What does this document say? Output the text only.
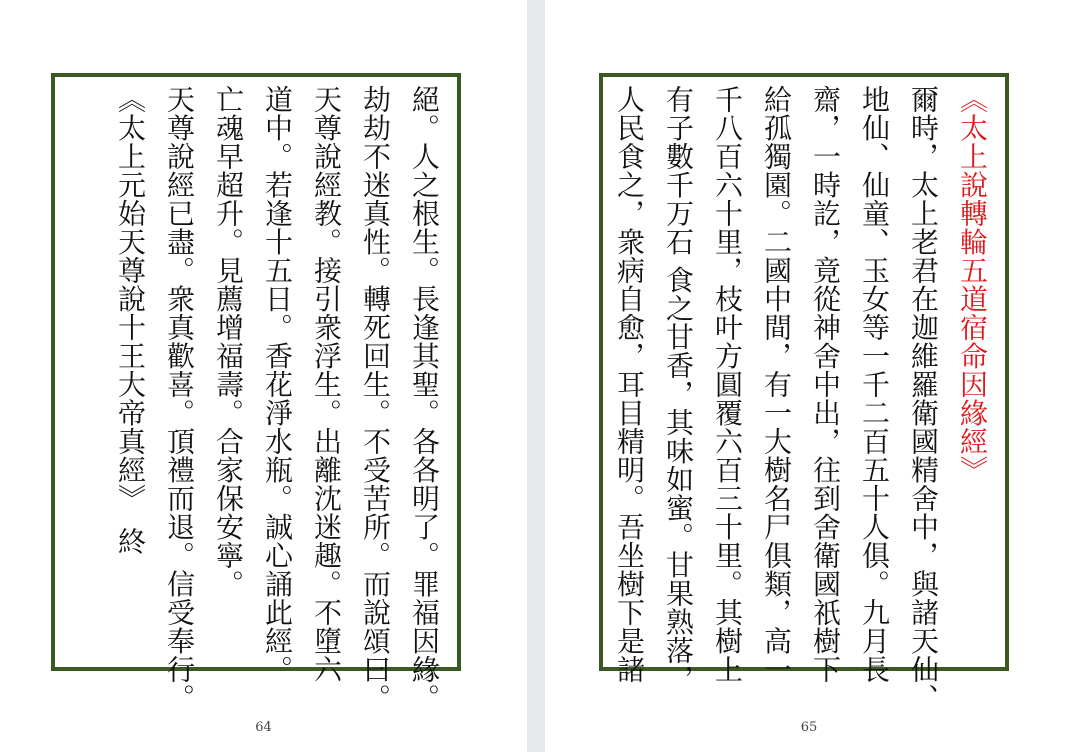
絕。人之根生。長逢其聖。各各明了。罪福因緣。
劫劫不迷真性。轉死回生。不受苦所。而說頌曰。
天尊說經教。接引衆浮生。出離沈迷趣。不墮六
道中。若逢十五日。香花淨水瓶。誠心誦此經。
亡魂早超升。見薦增福壽。合家保安寧。
天尊說經已盡。衆真歡喜。頂禮而退。信受奉行。
《太上元始天尊說十王大帝真經》　終
64
《太上說轉輪五道宿命因緣經》
爾時，太上老君在迦維羅衛國精舍中，與諸天仙、
地仙、仙童、玉女等一千二百五十人俱。九月長
齋，一時訖，竟從神舍中出，往到舍衛國祇樹下
給孤獨園。二國中間，有一大樹名尸俱類，高一
千八百六十里，枝叶方圓覆六百三十里。其樹上
有子數千万石 食之甘香，其味如蜜。甘果熟落，
人民食之，衆病自愈，耳目精明。吾坐樹下是諸
65
